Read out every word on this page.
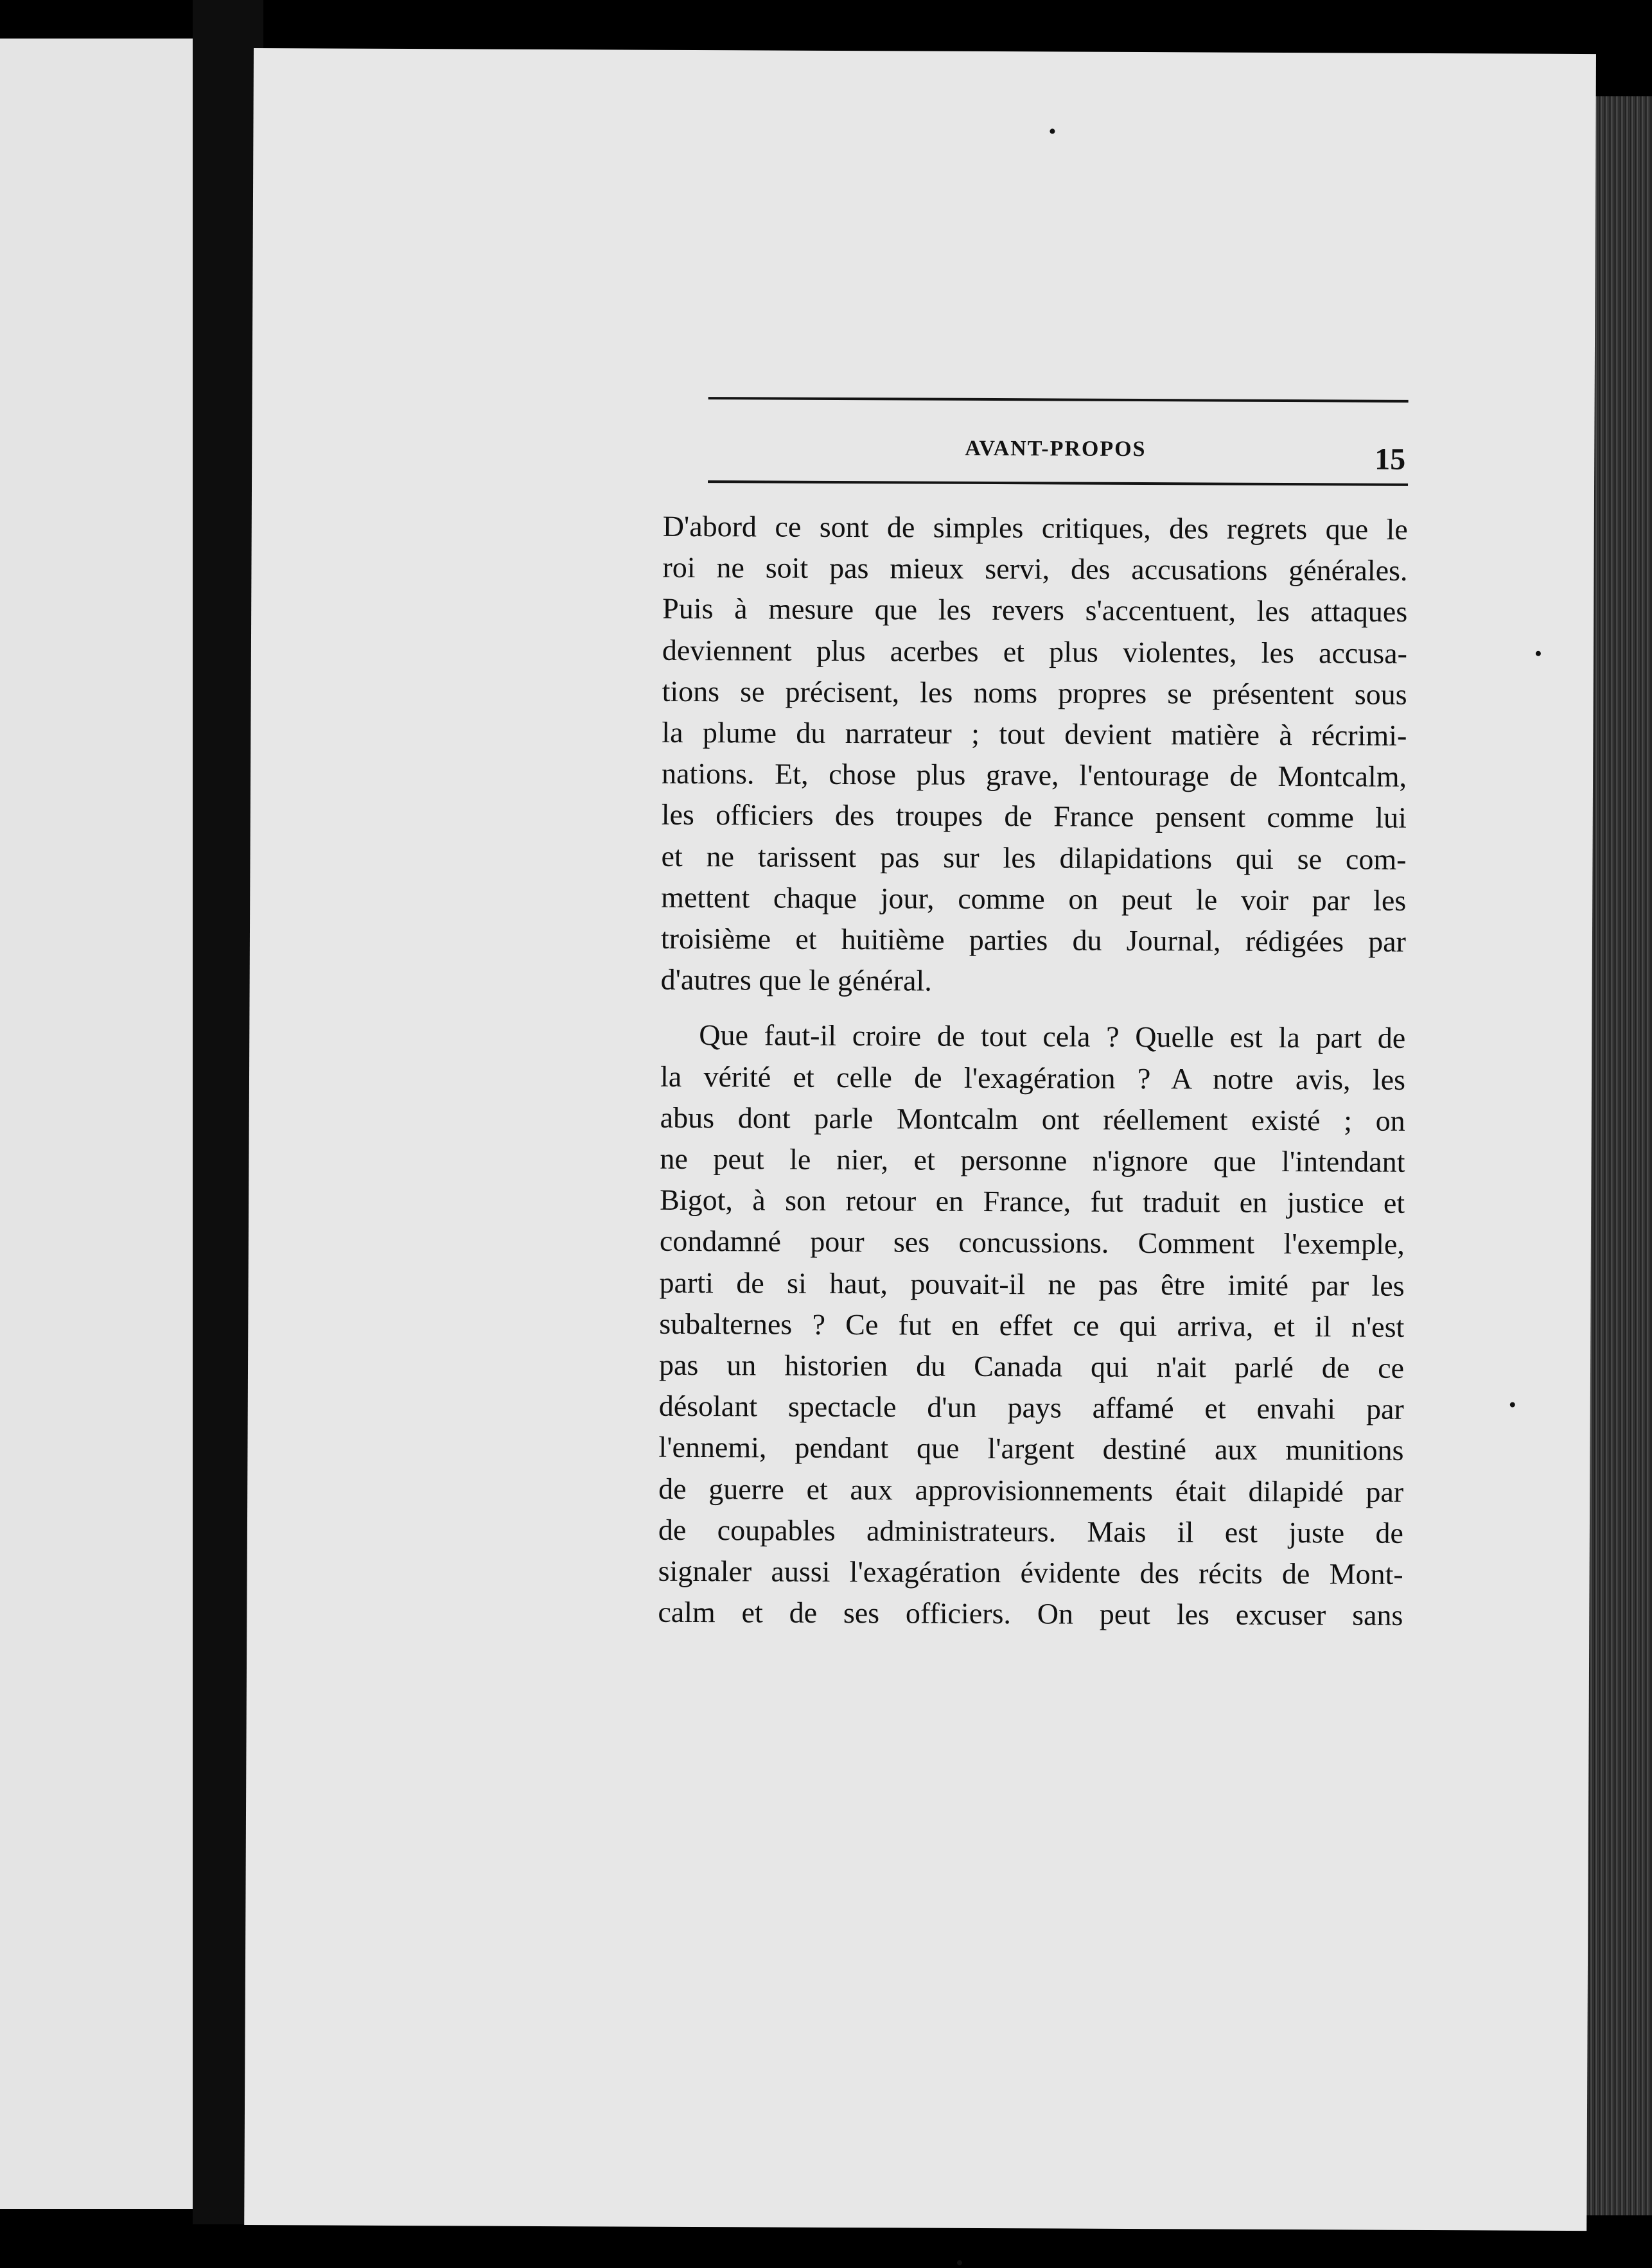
AVANT-PROPOS	15
D'abord ce sont de simples critiques, des regrets que le
roi ne soit pas mieux servi, des accusations générales.
Puis à mesure que les revers s'accentuent, les attaques
deviennent plus acerbes et plus violentes, les accusa-
tions se précisent, les noms propres se présentent sous
la plume du narrateur ; tout devient matière à récrimi-
nations. Et, chose plus grave, l'entourage de Montcalm,
les officiers des troupes de France pensent comme lui
et ne tarissent pas sur les dilapidations qui se com-
mettent chaque jour, comme on peut le voir par les
troisième et huitième parties du Journal, rédigées par
d'autres que le général.
Que faut-il croire de tout cela ? Quelle est la part de
la vérité et celle de l'exagération ? A notre avis, les
abus dont parle Montcalm ont réellement existé ; on
ne peut le nier, et personne n'ignore que l'intendant
Bigot, à son retour en France, fut traduit en justice et
condamné pour ses concussions. Comment l'exemple,
parti de si haut, pouvait-il ne pas être imité par les
subalternes ? Ce fut en effet ce qui arriva, et il n'est
pas un historien du Canada qui n'ait parlé de ce
désolant spectacle d'un pays affamé et envahi par
l'ennemi, pendant que l'argent destiné aux munitions
de guerre et aux approvisionnements était dilapidé par
de coupables administrateurs. Mais il est juste de
signaler aussi l'exagération évidente des récits de Mont-
calm et de ses officiers. On peut les excuser sans
